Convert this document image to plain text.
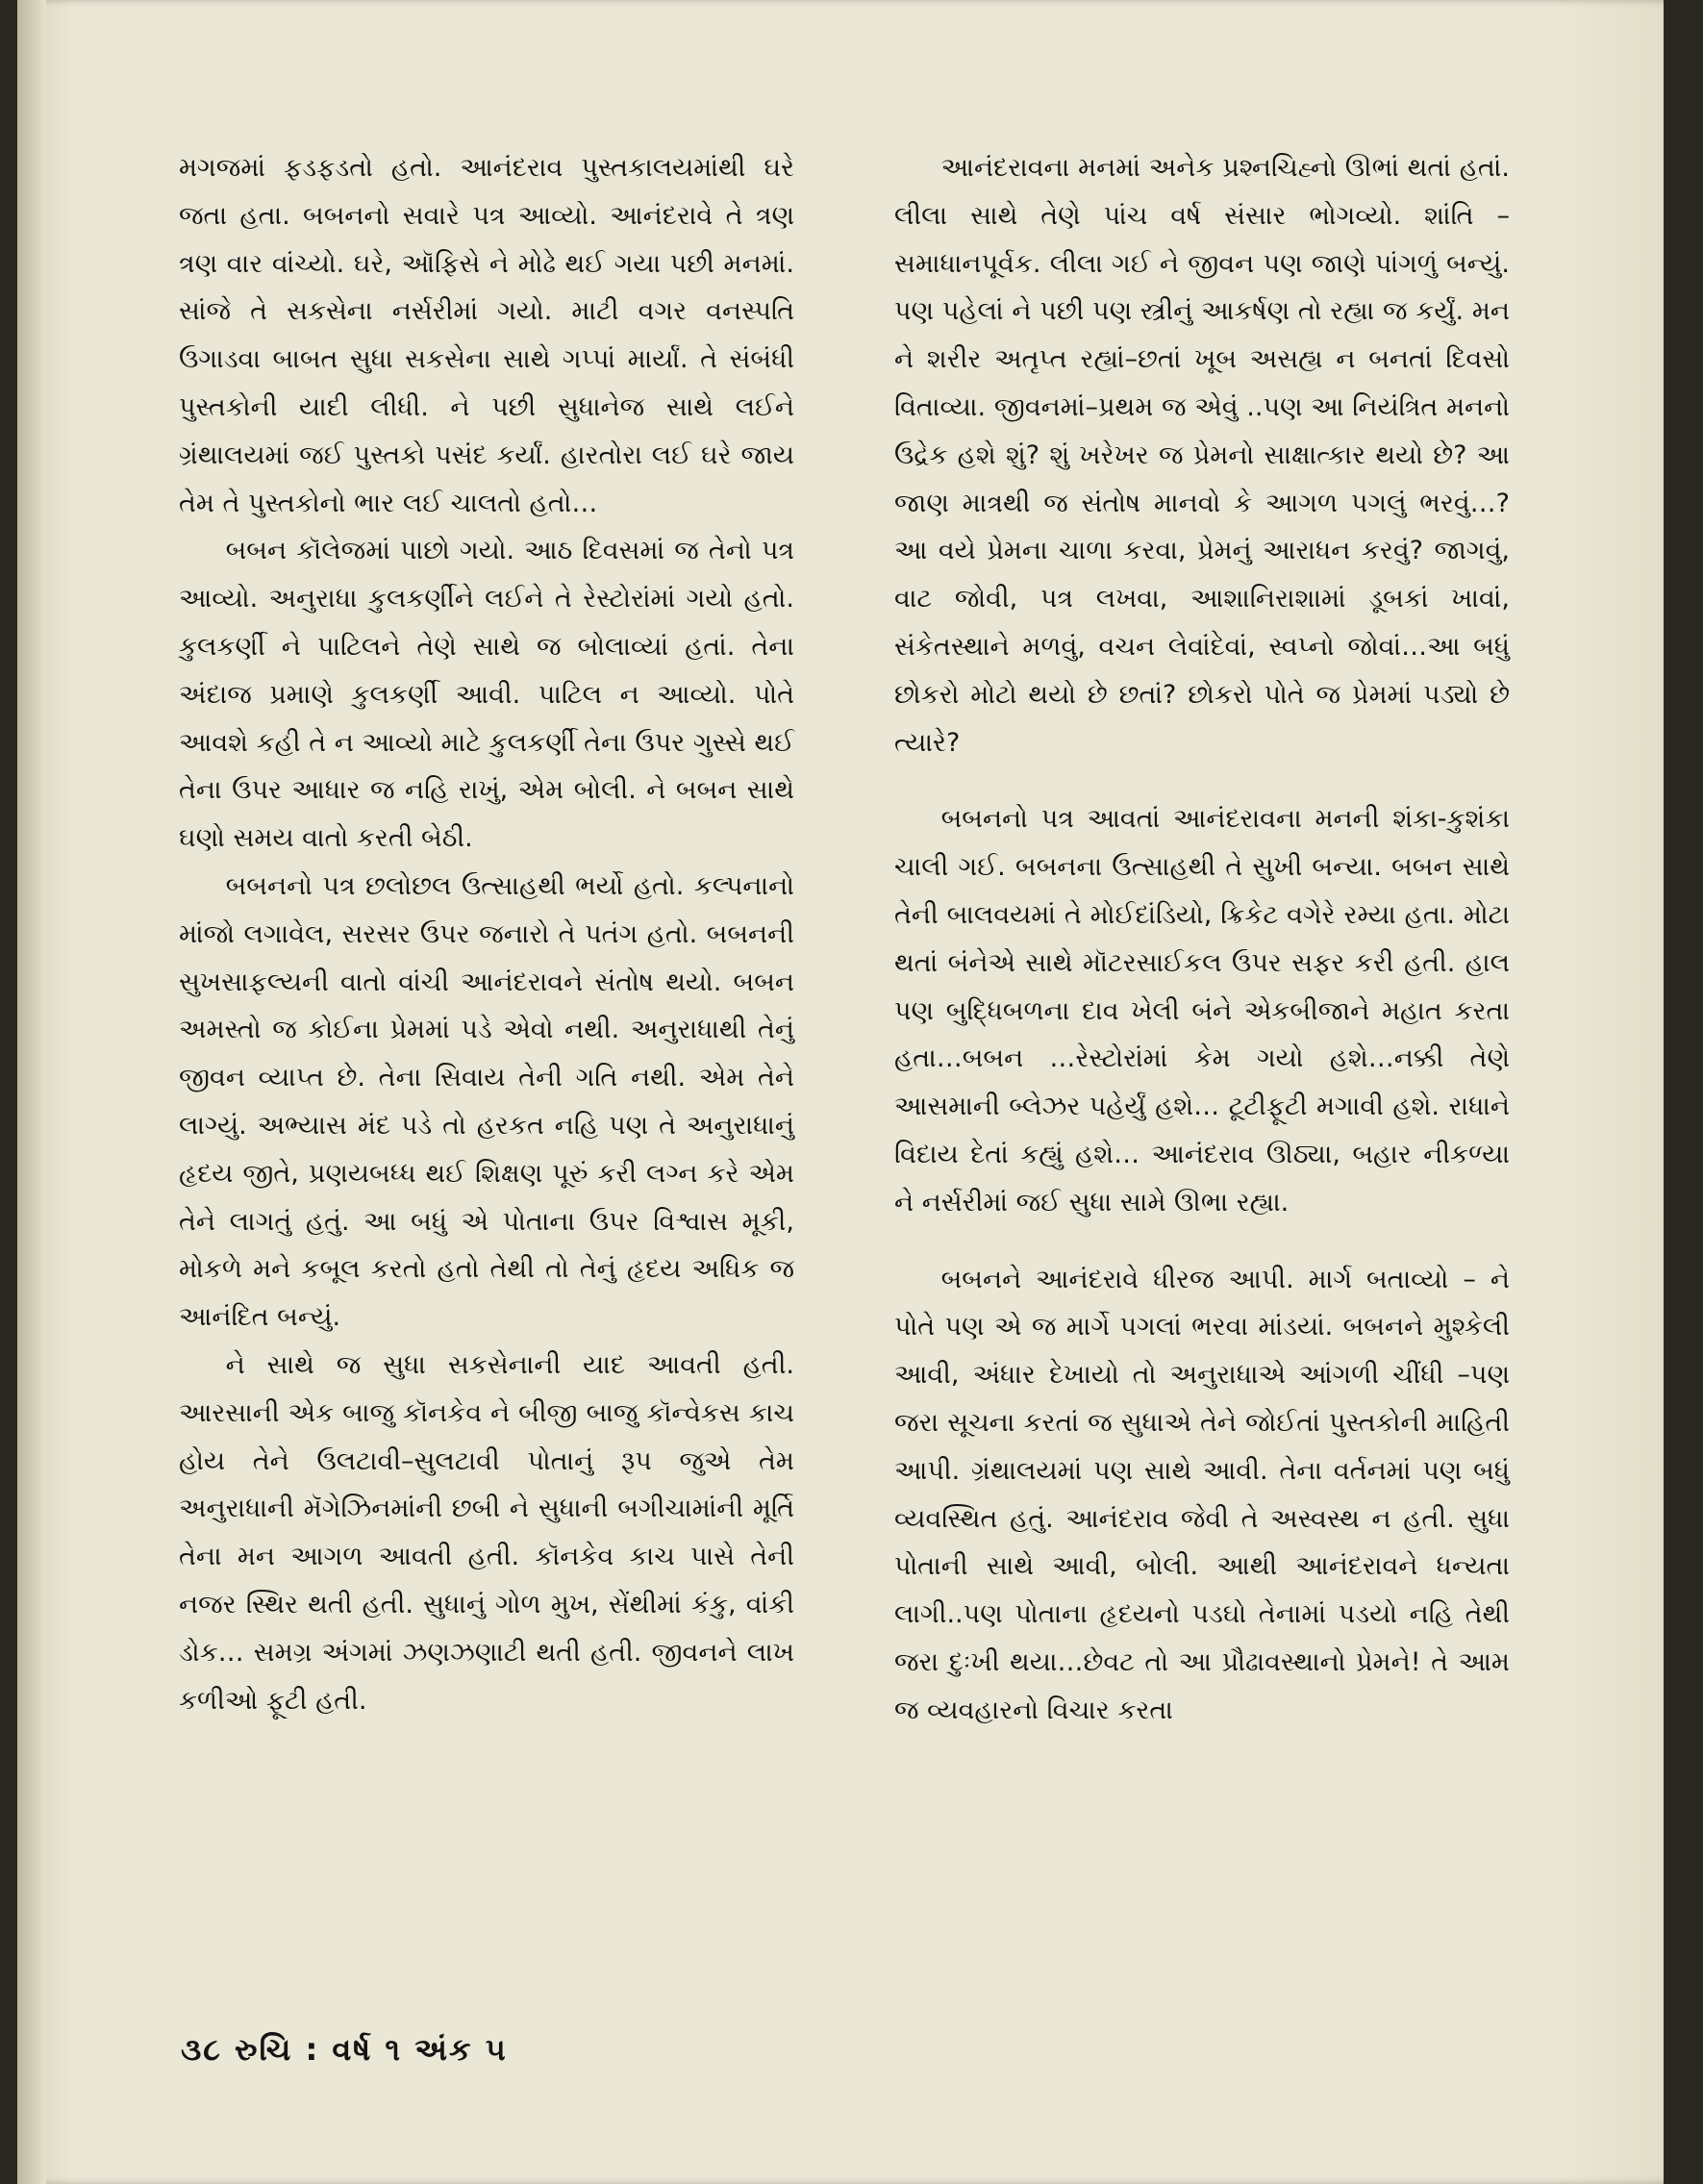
મગજમાં ફડફડતો હતો. આનંદરાવ પુસ્તકાલયમાંથી ઘરે જતા હતા. બબનનો સવારે પત્ર આવ્યો. આનંદરાવે તે ત્રણ ત્રણ વાર વાંચ્યો. ઘરે, ઑફિસે ને મોઢે થઈ ગયા પછી મનમાં. સાંજે તે સકસેના નર્સરીમાં ગયો. માટી વગર વનસ્પતિ ઉગાડવા બાબત સુધા સકસેના સાથે ગપ્પાં માર્યાં. તે સંબંધી પુસ્તકોની યાદી લીધી. ને પછી સુધાનેજ સાથે લઈને ગ્રંથાલયમાં જઈ પુસ્તકો પસંદ કર્યાં. હારતોરા લઈ ઘરે જાય તેમ તે પુસ્તકોનો ભાર લઈ ચાલતો હતો…

બબન કૉલેજમાં પાછો ગયો. આઠ દિવસમાં જ તેનો પત્ર આવ્યો. અનુરાધા કુલકર્ણીને લઈને તે રેસ્ટોરાંમાં ગયો હતો. કુલકર્ણી ને પાટિલને તેણે સાથે જ બોલાવ્યાં હતાં. તેના અંદાજ પ્રમાણે કુલકર્ણી આવી. પાટિલ ન આવ્યો. પોતે આવશે કહી તે ન આવ્યો માટે કુલકર્ણી તેના ઉપર ગુસ્સે થઈ તેના ઉપર આધાર જ નહિ રાખું, એમ બોલી. ને બબન સાથે ઘણો સમય વાતો કરતી બેઠી.

બબનનો પત્ર છલોછલ ઉત્સાહથી ભર્યો હતો. કલ્પનાનો માંજો લગાવેલ, સરસર ઉપર જનારો તે પતંગ હતો. બબનની સુખસાફલ્યની વાતો વાંચી આનંદરાવને સંતોષ થયો. બબન અમસ્તો જ કોઈના પ્રેમમાં પડે એવો નથી. અનુરાધાથી તેનું જીવન વ્યાપ્ત છે. તેના સિવાય તેની ગતિ નથી. એમ તેને લાગ્યું. અભ્યાસ મંદ પડે તો હરકત નહિ પણ તે અનુરાધાનું હૃદય જીતે, પ્રણયબધ્ધ થઈ શિક્ષણ પૂરું કરી લગ્ન કરે એમ તેને લાગતું હતું. આ બધું એ પોતાના ઉપર વિશ્વાસ મૂકી, મોકળે મને કબૂલ કરતો હતો તેથી તો તેનું હૃદય અધિક જ આનંદિત બન્યું.

ને સાથે જ સુધા સકસેનાની યાદ આવતી હતી. આરસાની એક બાજુ કૉનકેવ ને બીજી બાજુ કૉન્વેકસ કાચ હોય તેને ઉલટાવી–સુલટાવી પોતાનું રૂપ જુએ તેમ અનુરાધાની મૅગેઝિનમાંની છબી ને સુધાની બગીચામાંની મૂર્તિ તેના મન આગળ આવતી હતી. કૉનકેવ કાચ પાસે તેની નજર સ્થિર થતી હતી. સુધાનું ગોળ મુખ, સેંથીમાં કંકુ, વાંકી ડોક… સમગ્ર અંગમાં ઝણઝણાટી થતી હતી. જીવનને લાખ કળીઓ ફૂટી હતી.

આનંદરાવના મનમાં અનેક પ્રશ્નચિહ્નો ઊભાં થતાં હતાં. લીલા સાથે તેણે પાંચ વર્ષ સંસાર ભોગવ્યો. શાંતિ – સમાધાનપૂર્વક. લીલા ગઈ ને જીવન પણ જાણે પાંગળું બન્યું. પણ પહેલાં ને પછી પણ સ્ત્રીનું આકર્ષણ તો રહ્યા જ કર્યું. મન ને શરીર અતૃપ્ત રહ્યાં–છતાં ખૂબ અસહ્ય ન બનતાં દિવસો વિતાવ્યા. જીવનમાં–પ્રથમ જ એવું ..પણ આ નિયંત્રિત મનનો ઉદ્રેક હશે શું? શું ખરેખર જ પ્રેમનો સાક્ષાત્કાર થયો છે? આ જાણ માત્રથી જ સંતોષ માનવો કે આગળ પગલું ભરવું…? આ વયે પ્રેમના ચાળા કરવા, પ્રેમનું આરાધન કરવું? જાગવું, વાટ જોવી, પત્ર લખવા, આશાનિરાશામાં ડૂબકાં ખાવાં, સંકેતસ્થાને મળવું, વચન લેવાંદેવાં, સ્વપ્નો જોવાં…આ બધું છોકરો મોટો થયો છે છતાં? છોકરો પોતે જ પ્રેમમાં પડ્યો છે ત્યારે?

બબનનો પત્ર આવતાં આનંદરાવના મનની શંકા-કુશંકા ચાલી ગઈ. બબનના ઉત્સાહથી તે સુખી બન્યા. બબન સાથે તેની બાલવયમાં તે મોઈદાંડિયો, ક્રિકેટ વગેરે રમ્યા હતા. મોટા થતાં બંનેએ સાથે મૉટરસાઈકલ ઉપર સફર કરી હતી. હાલ પણ બુદ્ધિબળના દાવ ખેલી બંને એકબીજાને મહાત કરતા હતા…બબન …રેસ્ટોરાંમાં કેમ ગયો હશે…નક્કી તેણે આસમાની બ્લેઝર પહેર્યું હશે… ટૂટીફૂટી મગાવી હશે. રાધાને વિદાય દેતાં કહ્યું હશે… આનંદરાવ ઊઠ્યા, બહાર નીકળ્યા ને નર્સરીમાં જઈ સુધા સામે ઊભા રહ્યા.

બબનને આનંદરાવે ધીરજ આપી. માર્ગ બતાવ્યો – ને પોતે પણ એ જ માર્ગે પગલાં ભરવા માંડયાં. બબનને મુશ્કેલી આવી, અંધાર દેખાયો તો અનુરાધાએ આંગળી ચીંધી –પણ જરા સૂચના કરતાં જ સુધાએ તેને જોઈતાં પુસ્તકોની માહિતી આપી. ગ્રંથાલયમાં પણ સાથે આવી. તેના વર્તનમાં પણ બધું વ્યવસ્થિત હતું. આનંદરાવ જેવી તે અસ્વસ્થ ન હતી. સુધા પોતાની સાથે આવી, બોલી. આથી આનંદરાવને ધન્યતા લાગી..પણ પોતાના હૃદયનો પડઘો તેનામાં પડયો નહિ તેથી જરા દુઃખી થયા…છેવટ તો આ પ્રૌઢાવસ્થાનો પ્રેમને! તે આમ જ વ્યવહારનો વિચાર કરતા

૩૮ રુચિ : વર્ષ ૧ અંક ૫
